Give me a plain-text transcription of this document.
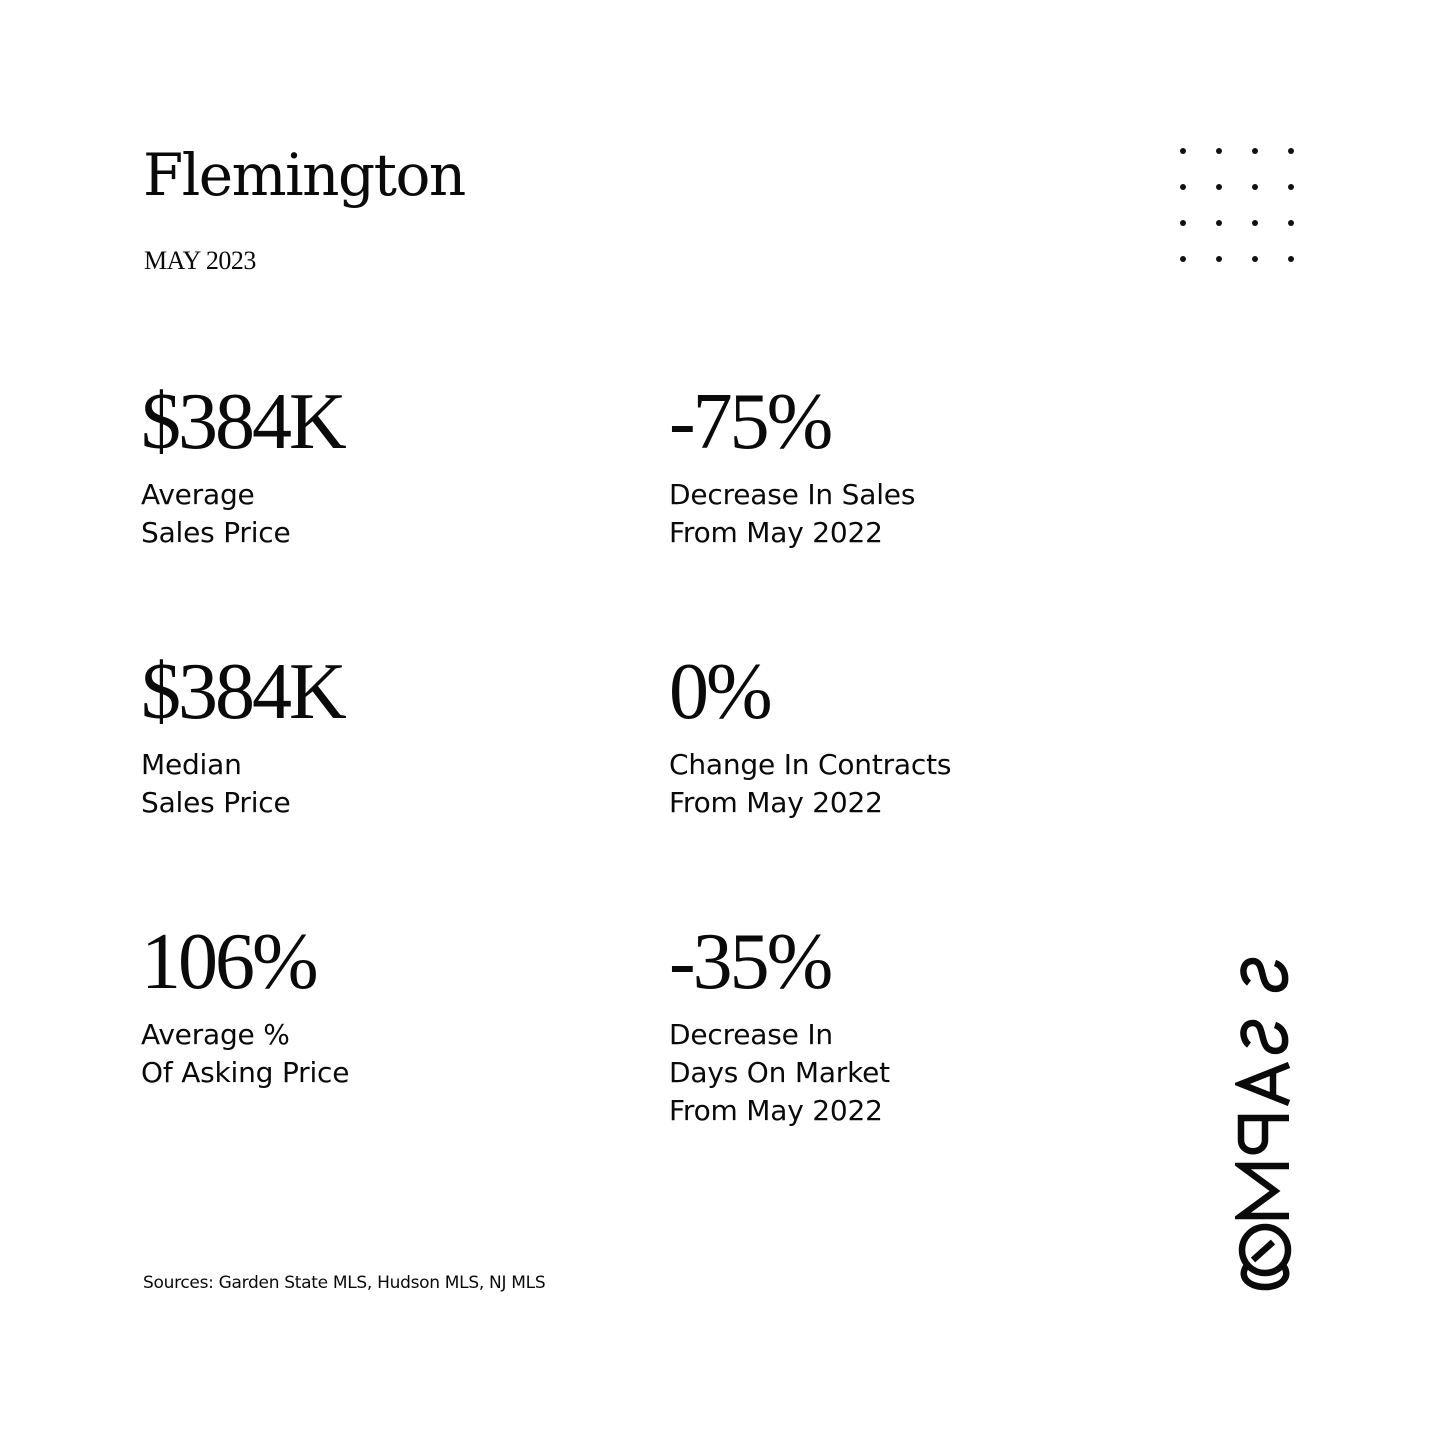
Flemington
MAY 2023
$384K
Average
Sales Price
-75%
Decrease In Sales
From May 2022
$384K
Median
Sales Price
0%
Change In Contracts
From May 2022
106%
Average %
Of Asking Price
-35%
Decrease In
Days On Market
From May 2022
Sources: Garden State MLS, Hudson MLS, NJ MLS
